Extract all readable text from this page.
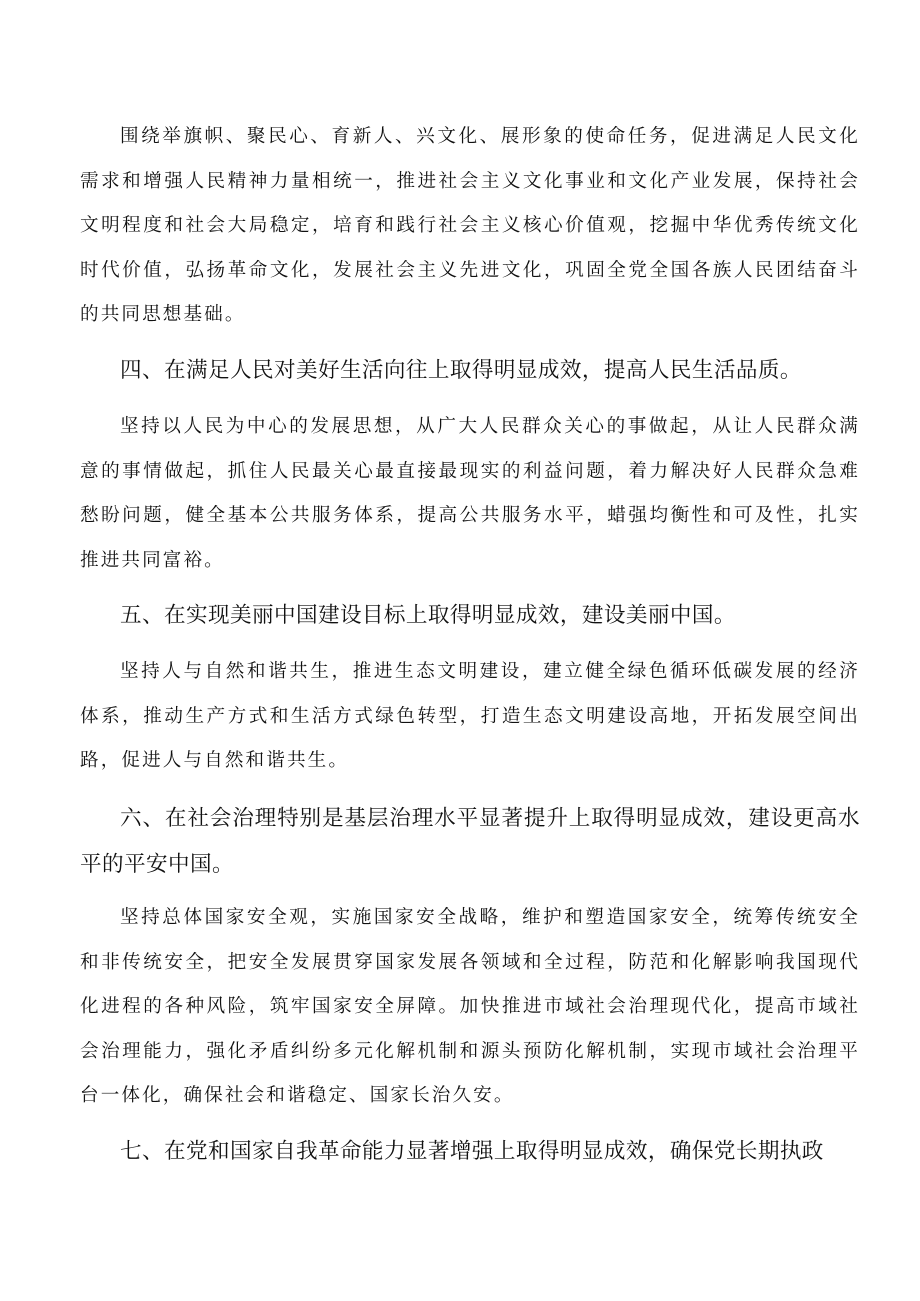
围绕举旗帜、聚民心、育新人、兴文化、展形象的使命任务，促进满足人民文化需求和增强人民精神力量相统一，推进社会主义文化事业和文化产业发展，保持社会文明程度和社会大局稳定，培育和践行社会主义核心价值观，挖掘中华优秀传统文化时代价值，弘扬革命文化，发展社会主义先进文化，巩固全党全国各族人民团结奋斗的共同思想基础。

四、在满足人民对美好生活向往上取得明显成效，提高人民生活品质。

坚持以人民为中心的发展思想，从广大人民群众关心的事做起，从让人民群众满意的事情做起，抓住人民最关心最直接最现实的利益问题，着力解决好人民群众急难愁盼问题，健全基本公共服务体系，提高公共服务水平，蜡强均衡性和可及性，扎实推进共同富裕。

五、在实现美丽中国建设目标上取得明显成效，建设美丽中国。

坚持人与自然和谐共生，推进生态文明建设，建立健全绿色循环低碳发展的经济体系，推动生产方式和生活方式绿色转型，打造生态文明建设高地，开拓发展空间出路，促进人与自然和谐共生。

六、在社会治理特别是基层治理水平显著提升上取得明显成效，建设更高水平的平安中国。

坚持总体国家安全观，实施国家安全战略，维护和塑造国家安全，统筹传统安全和非传统安全，把安全发展贯穿国家发展各领域和全过程，防范和化解影响我国现代化进程的各种风险，筑牢国家安全屏障。加快推进市域社会治理现代化，提高市域社会治理能力，强化矛盾纠纷多元化解机制和源头预防化解机制，实现市域社会治理平台一体化，确保社会和谐稳定、国家长治久安。

七、在党和国家自我革命能力显著增强上取得明显成效，确保党长期执政
